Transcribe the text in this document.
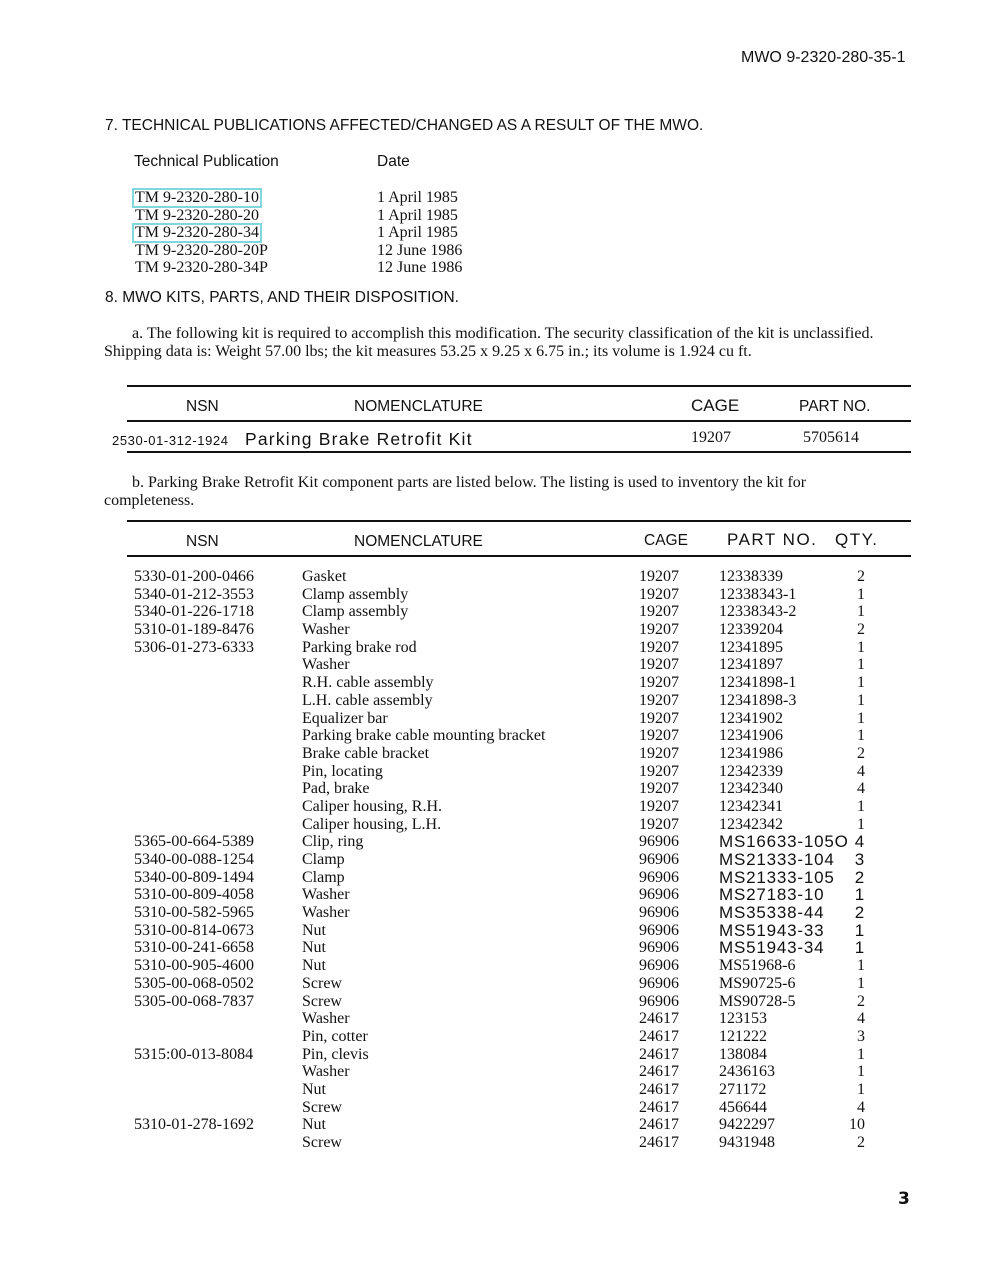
MWO 9-2320-280-35-1
7. TECHNICAL PUBLICATIONS AFFECTED/CHANGED AS A RESULT OF THE MWO.
Technical Publication	Date
TM 9-2320-280-10	1 April 1985
TM 9-2320-280-20	1 April 1985
TM 9-2320-280-34	1 April 1985
TM 9-2320-280-20P	12 June 1986
TM 9-2320-280-34P	12 June 1986
8. MWO KITS, PARTS, AND THEIR DISPOSITION.
a. The following kit is required to accomplish this modification. The security classification of the kit is unclassified. Shipping data is: Weight 57.00 lbs; the kit measures 53.25 x 9.25 x 6.75 in.; its volume is 1.924 cu ft.
NSN	NOMENCLATURE	CAGE	PART NO.
2530-01-312-1924 Parking Brake Retrofit Kit	19207	5705614
b. Parking Brake Retrofit Kit component parts are listed below. The listing is used to inventory the kit for completeness.
NSN	NOMENCLATURE	CAGE PART NO. QTY.
5330-01-200-0466	Gasket	19207	12338339	2
5340-01-212-3553	Clamp assembly	19207	12338343-1	1
5340-01-226-1718	Clamp assembly	19207	12338343-2	1
5310-01-189-8476	Washer	19207	12339204	2
5306-01-273-6333	Parking brake rod	19207	12341895	1
Washer	19207	12341897	1
R.H. cable assembly	19207	12341898-1	1
L.H. cable assembly	19207	12341898-3	1
Equalizer bar	19207	12341902	1
Parking brake cable mounting bracket	19207	12341906	1
Brake cable bracket	19207	12341986	2
Pin, locating	19207	12342339	4
Pad, brake	19207	12342340	4
Caliper housing, R.H.	19207	12342341	1
Caliper housing, L.H.	19207	12342342	1
5365-00-664-5389	Clip, ring	96906 MS16633-105O 4
5340-00-088-1254	Clamp	96906 MS21333-104 3
5340-00-809-1494	Clamp	96906 MS21333-105 2
5310-00-809-4058	Washer	96906 MS27183-10 1
5310-00-582-5965	Washer	96906 MS35338-44 2
5310-00-814-0673	Nut	96906 MS51943-33 1
5310-00-241-6658	Nut	96906 MS51943-34 1
5310-00-905-4600	Nut	96906	MS51968-6	1
5305-00-068-0502	Screw	96906	MS90725-6	1
5305-00-068-7837	Screw	96906	MS90728-5	2
Washer	24617	123153	4
Pin, cotter	24617	121222	3
5315:00-013-8084	Pin, clevis	24617	138084	1
Washer	24617	2436163	1
Nut	24617	271172	1
Screw	24617	456644	4
5310-01-278-1692	Nut	24617	9422297	10
Screw	24617	9431948	2
3
